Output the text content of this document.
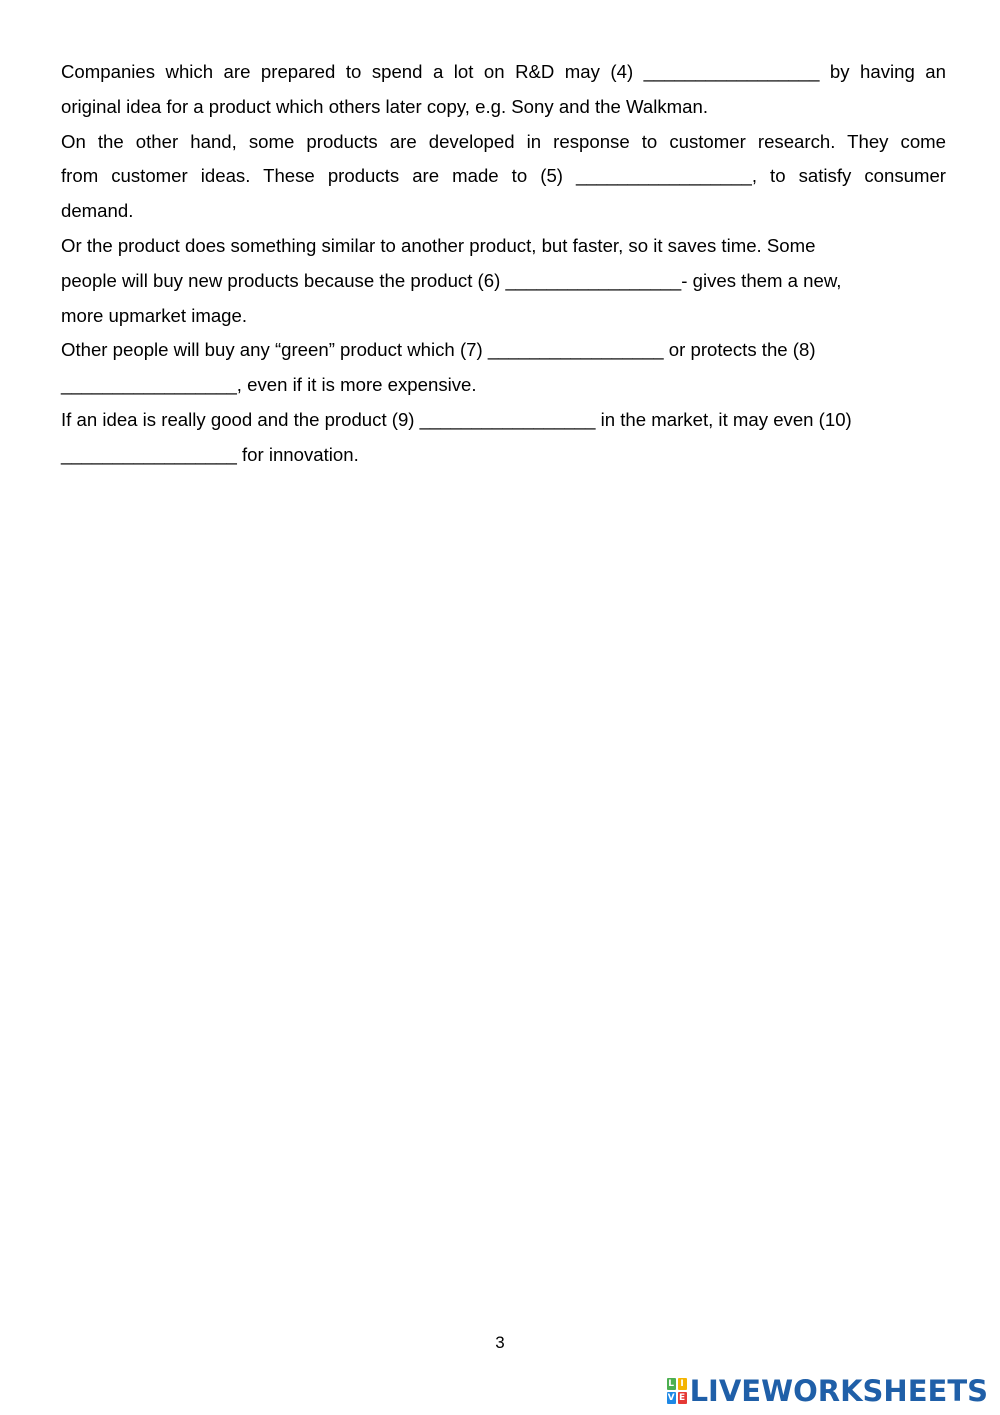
Companies which are prepared to spend a lot on R&D may (4) _________________ by having an
original idea for a product which others later copy, e.g. Sony and the Walkman.
On the other hand, some products are developed in response to customer research. They come
from customer ideas. These products are made to (5) _________________, to satisfy consumer
demand.
Or the product does something similar to another product, but faster, so it saves time. Some
people will buy new products because the product (6) _________________- gives them a new,
more upmarket image.
Other people will buy any “green” product which (7) _________________ or protects the (8)
_________________, even if it is more expensive.
If an idea is really good and the product (9) _________________ in the market, it may even (10)
_________________ for innovation.
3
L I
V E LIVEWORKSHEETS
